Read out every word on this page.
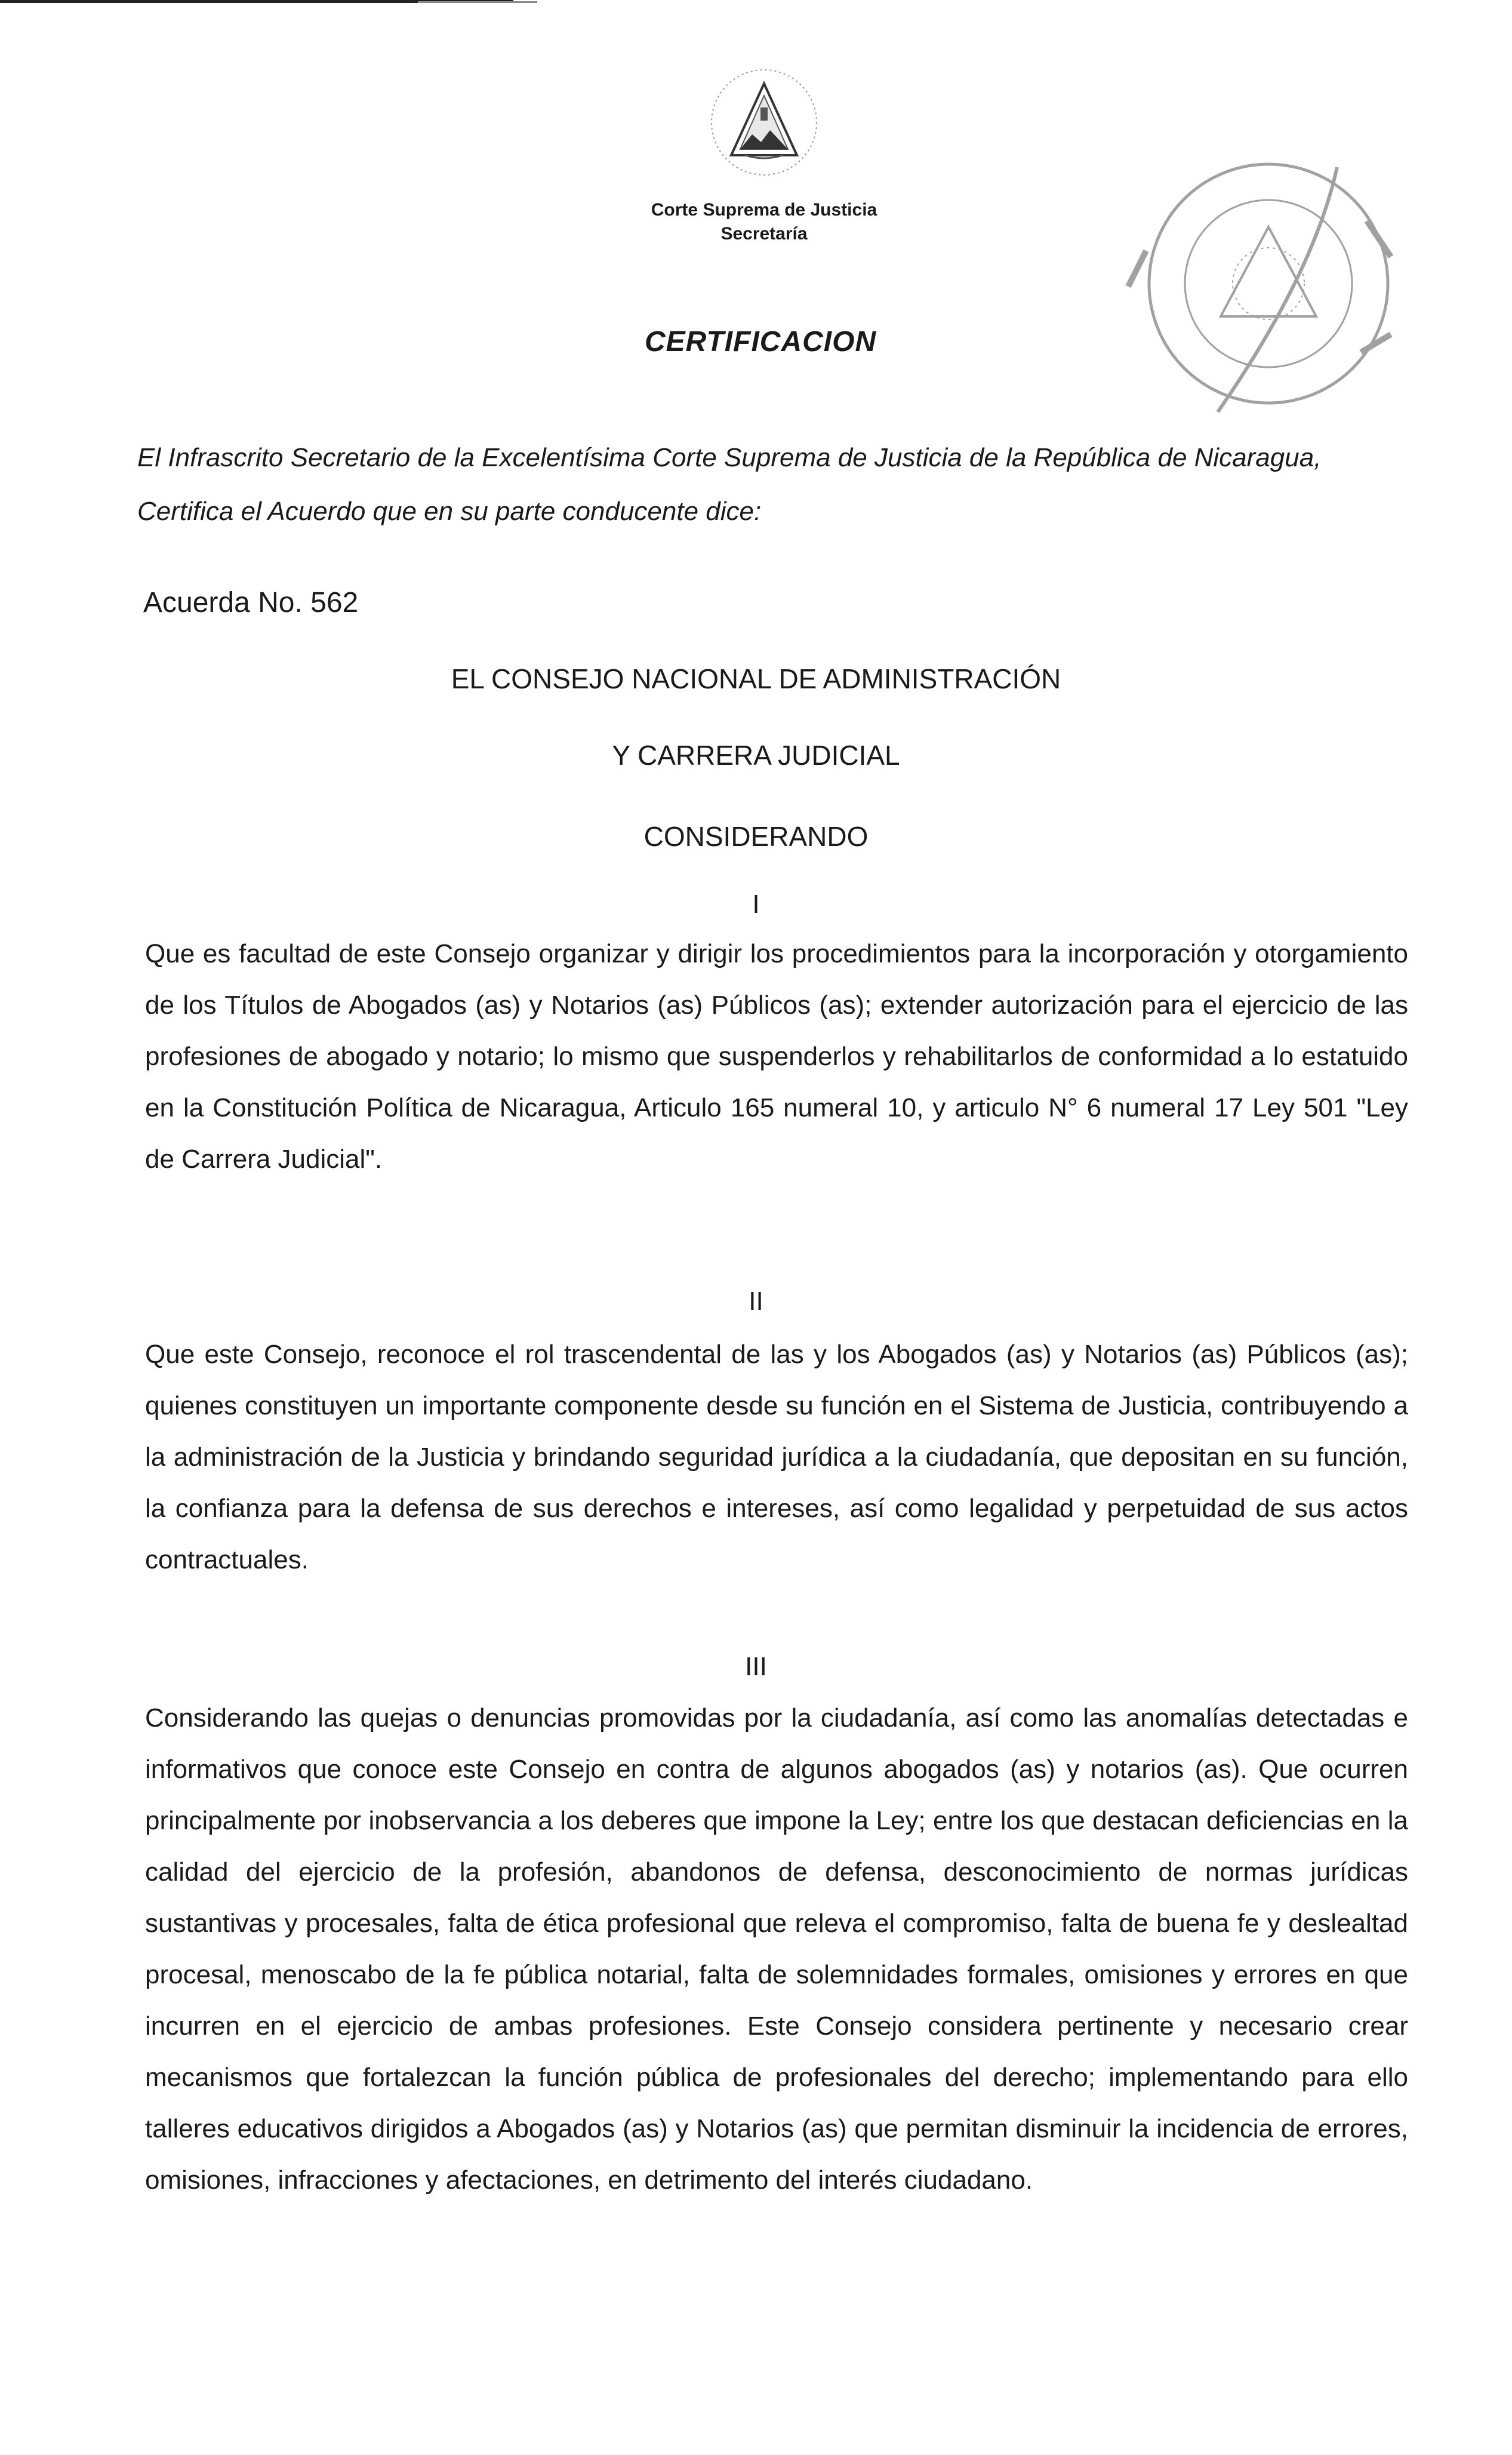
Corte Suprema de Justicia
Secretaría
CERTIFICACION
El Infrascrito Secretario de la Excelentísima Corte Suprema de Justicia de la República de Nicaragua, Certifica el Acuerdo que en su parte conducente dice:
Acuerda No. 562
EL CONSEJO NACIONAL DE ADMINISTRACIÓN
Y CARRERA JUDICIAL
CONSIDERANDO
I
Que es facultad de este Consejo organizar y dirigir los procedimientos para la incorporación y otorgamiento de los Títulos de Abogados (as) y Notarios (as) Públicos (as); extender autorización para el ejercicio de las profesiones de abogado y notario; lo mismo que suspenderlos y rehabilitarlos de conformidad a lo estatuido en la Constitución Política de Nicaragua, Articulo 165 numeral 10, y articulo N° 6 numeral 17 Ley 501 "Ley de Carrera Judicial".
II
Que este Consejo, reconoce el rol trascendental de las y los Abogados (as) y Notarios (as) Públicos (as); quienes constituyen un importante componente desde su función en el Sistema de Justicia, contribuyendo a la administración de la Justicia y brindando seguridad jurídica a la ciudadanía, que depositan en su función, la confianza para la defensa de sus derechos e intereses, así como legalidad y perpetuidad de sus actos contractuales.
III
Considerando las quejas o denuncias promovidas por la ciudadanía, así como las anomalías detectadas e informativos que conoce este Consejo en contra de algunos abogados (as) y notarios (as). Que ocurren principalmente por inobservancia a los deberes que impone la Ley; entre los que destacan deficiencias en la calidad del ejercicio de la profesión, abandonos de defensa, desconocimiento de normas jurídicas sustantivas y procesales, falta de ética profesional que releva el compromiso, falta de buena fe y deslealtad procesal, menoscabo de la fe pública notarial, falta de solemnidades formales, omisiones y errores en que incurren en el ejercicio de ambas profesiones. Este Consejo considera pertinente y necesario crear mecanismos que fortalezcan la función pública de profesionales del derecho; implementando para ello talleres educativos dirigidos a Abogados (as) y Notarios (as) que permitan disminuir la incidencia de errores, omisiones, infracciones y afectaciones, en detrimento del interés ciudadano.
